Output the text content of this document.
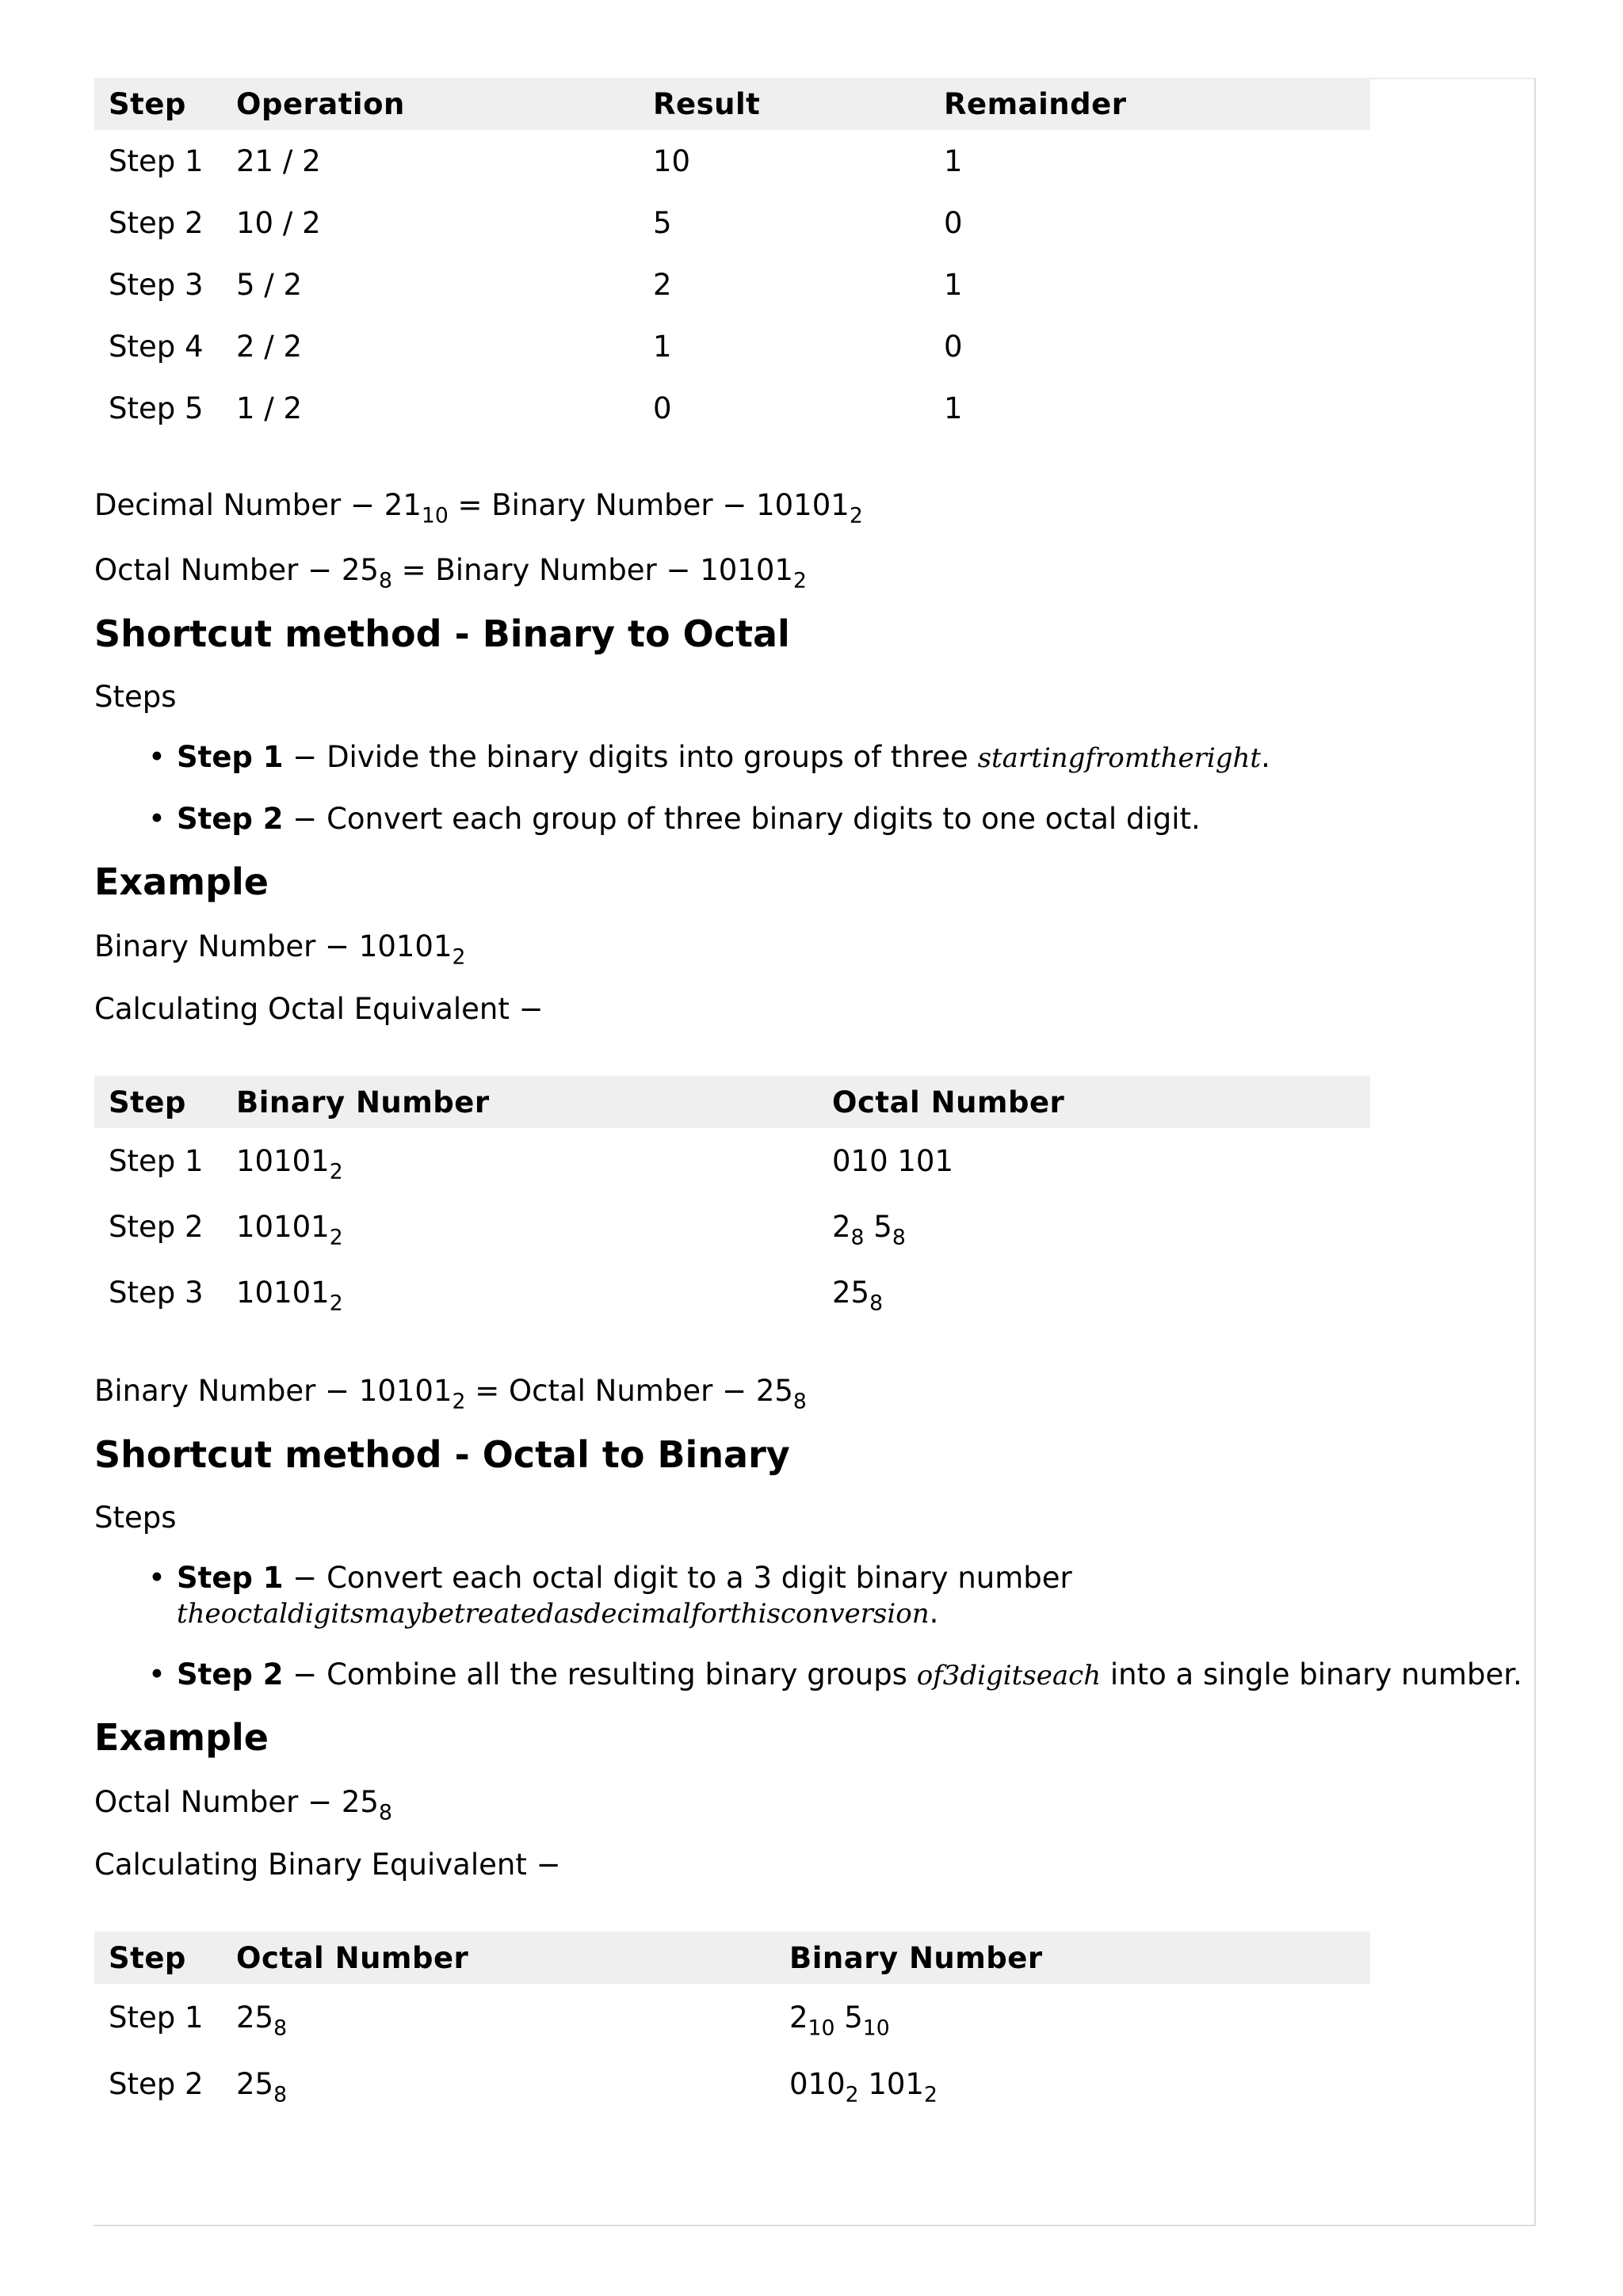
Step	Operation	Result	Remainder
Step 1	21 / 2	10	1
Step 2	10 / 2	5	0
Step 3	5 / 2	2	1
Step 4	2 / 2	1	0
Step 5	1 / 2	0	1

Decimal Number − $21_{10}$ = Binary Number − $10101_2$

Octal Number − $25_8$ = Binary Number − $10101_2$

Shortcut method - Binary to Octal

Steps

• Step 1 − Divide the binary digits into groups of three startingfromtheright.
• Step 2 − Convert each group of three binary digits to one octal digit.
Example

Binary Number − $10101_2$

Calculating Octal Equivalent −

Step	Binary Number	Octal Number
Step 1	$10101_2$	010 101
Step 2	$10101_2$	$2_8$ $5_8$
Step 3	$10101_2$	$25_8$

Binary Number − $10101_2$ = Octal Number − $25_8$

Shortcut method - Octal to Binary

Steps

• Step 1 − Convert each octal digit to a 3 digit binary number
theoctaldigitsmaybetreatedasdecimalforthisconversion.
• Step 2 − Combine all the resulting binary groups of3digitseach into a single binary number.
Example

Octal Number − $25_8$

Calculating Binary Equivalent −

Step	Octal Number	Binary Number
Step 1	$25_8$	$2_{10}$ $5_{10}$
Step 2	$25_8$	$010_2$ $101_2$
